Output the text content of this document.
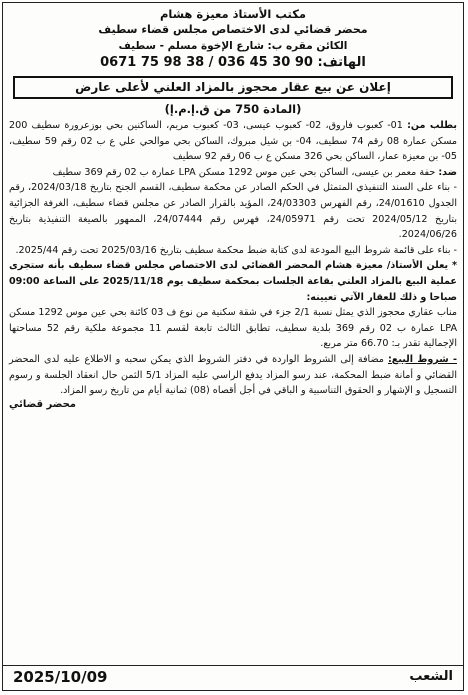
مكتب الأستاذ معيزة هشام
محضر قضائي لدى الاختصاص مجلس قضاء سطيف
الكائن مقره ب: شارع الإخوة مسلم - سطيف
الهاتف: 0671 75 98 38 / 036 45 30 90
إعلان عن بيع عقار محجوز بالمزاد العلني لأعلى عارض
(المادة 750 من ق.إ.م.إ)

بطلب من: 01- كعبوب فاروق، 02- كعبوب عيسى، 03- كعبوب مريم، الساكنين بحي بوزعرورة سطيف 200 مسكن عمارة 08 رقم 74 سطيف، 04- بن شيل مبروك، الساكن بحي موالحي علي ع ب 02 رقم 59 سطيف، 05- بن معيزة عمار، الساكن بحي 326 مسكن ع ب 06 رقم 92 سطيف

ضد: حفة معمر بن عيسى، الساكن بحي عين موس 1292 مسكن LPA عمارة ب 02 رقم 369 سطيف

- بناء على السند التنفيذي المتمثل في الحكم الصادر عن محكمة سطيف، القسم الجنح بتاريخ 2024/03/18، رقم الجدول 24/01610، رقم الفهرس 24/03303، المؤيد بالقرار الصادر عن مجلس قضاء سطيف، الغرفة الجزائية بتاريخ 2024/05/12 تحت رقم 24/05971، فهرس رقم 24/07444، الممهور بالصيغة التنفيذية بتاريخ 2024/06/26.

- بناء على قائمة شروط البيع المودعة لدى كتابة ضبط محكمة سطيف بتاريخ 2025/03/16 تحت رقم 2025/44.

* يعلن الأستاذ/ معيزة هشام المحضر القضائي لدى الاختصاص مجلس قضاء سطيف بأنه ستجرى عملية البيع بالمزاد العلني بقاعة الجلسات بمحكمة سطيف يوم 2025/11/18 على الساعة 09:00 صباحا و ذلك للعقار الآتي تعيينه:

مناب عقاري محجوز الذي يمثل نسبة 2/1 جزء في شقة سكنية من نوع ف 03 كائنة بحي عين موس 1292 مسكن LPA عمارة ب 02 رقم 369 بلدية سطيف، تطابق الثالث تابعة لقسم 11 مجموعة ملكية رقم 52 مساحتها الإجمالية تقدر بـ: 66.70 متر مربع.

- شروط البيع: مضافة إلى الشروط الواردة في دفتر الشروط الذي يمكن سحبه و الاطلاع عليه لدى المحضر القضائي و أمانة ضبط المحكمة، عند رسو المزاد يدفع الراسي عليه المزاد 5/1 الثمن حال انعقاد الجلسة و رسوم التسجيل و الإشهار و الحقوق التناسبية و الباقي في أجل أقصاه (08) ثمانية أيام من تاريخ رسو المزاد.

محضر قضائي
الشعب
2025/10/09
